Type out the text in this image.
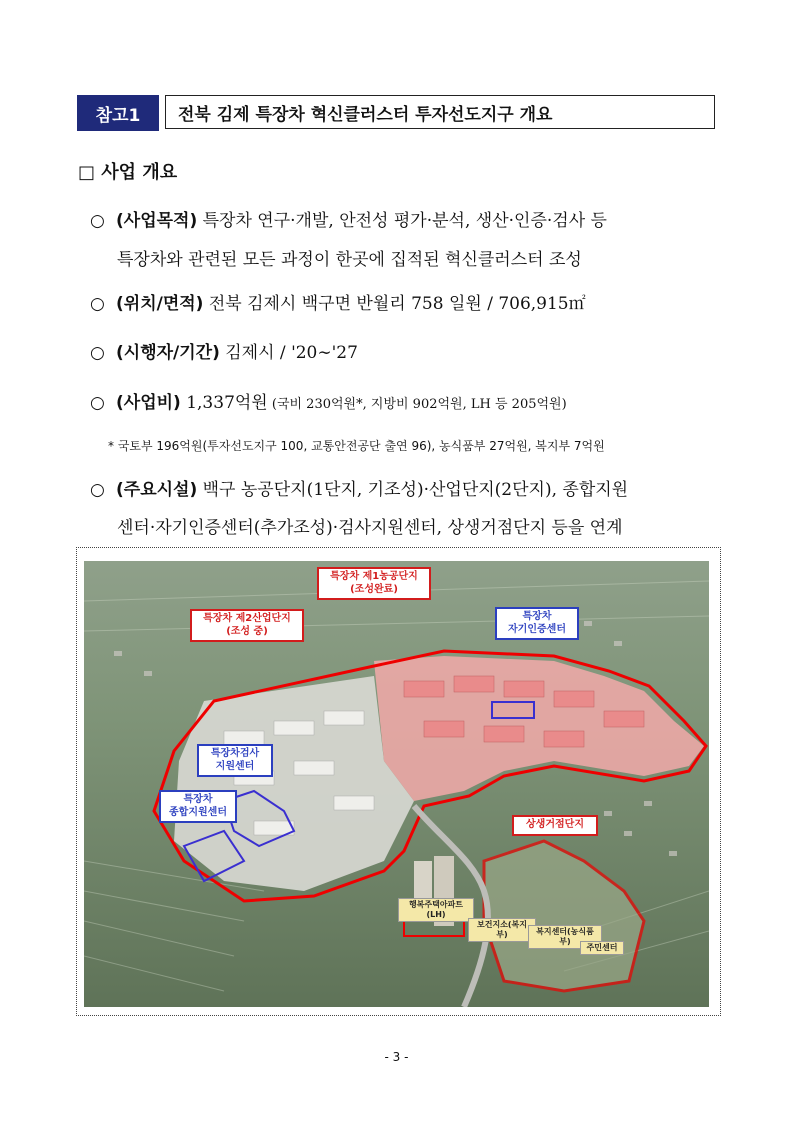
참고1	전북 김제 특장차 혁신클러스터 투자선도지구 개요
□ 사업 개요
○ (사업목적) 특장차 연구·개발, 안전성 평가·분석, 생산·인증·검사 등
특장차와 관련된 모든 과정이 한곳에 집적된 혁신클러스터 조성
○ (위치/면적) 전북 김제시 백구면 반월리 758 일원 / 706,915㎡
○ (시행자/기간) 김제시 / '20∼'27
○ (사업비) 1,337억원 (국비 230억원*, 지방비 902억원, LH 등 205억원)
* 국토부 196억원(투자선도지구 100, 교통안전공단 출연 96), 농식품부 27억원, 복지부 7억원
○ (주요시설) 백구 농공단지(1단지, 기조성)·산업단지(2단지), 종합지원
센터·자기인증센터(추가조성)·검사지원센터, 상생거점단지 등을 연계
특장차 제1농공단지
(조성완료)
특장차 제2산업단지
(조성 중)
특장차
자기인증센터
특장차검사
지원센터
특장차
종합지원센터
상생거점단지
행복주택아파트(LH)
보건지소(복지부)	복지센터(농식품부)
주민센터
- 3 -
